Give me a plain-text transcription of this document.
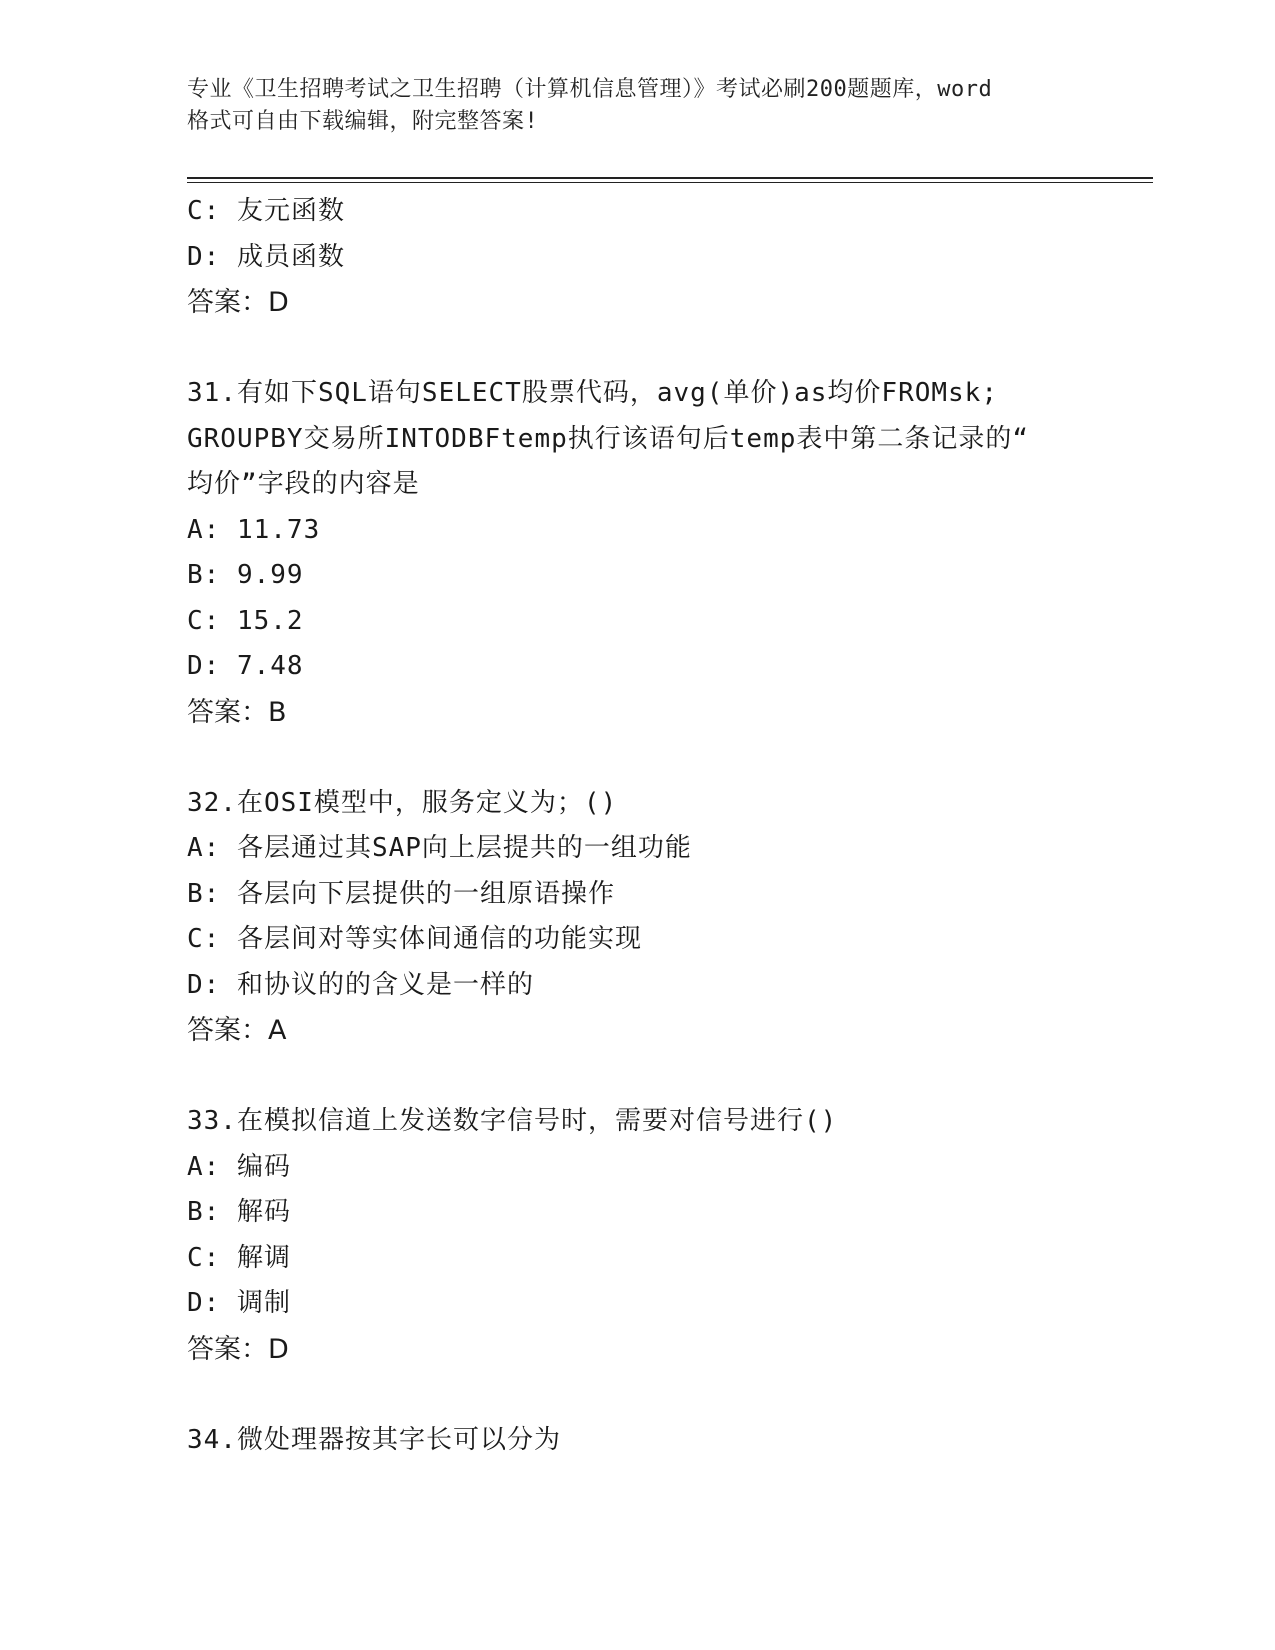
专业《卫生招聘考试之卫生招聘（计算机信息管理）》考试必刷200题题库，word
格式可自由下载编辑，附完整答案!
C: 友元函数
D: 成员函数
答案：D
31.有如下SQL语句SELECT股票代码，avg(单价)as均价FROMsk;
GROUPBY交易所INTODBFtemp执行该语句后temp表中第二条记录的“
均价”字段的内容是
A: 11.73
B: 9.99
C: 15.2
D: 7.48
答案：B
32.在OSI模型中，服务定义为；()
A: 各层通过其SAP向上层提共的一组功能
B: 各层向下层提供的一组原语操作
C: 各层间对等实体间通信的功能实现
D: 和协议的的含义是一样的
答案：A
33.在模拟信道上发送数字信号时，需要对信号进行()
A: 编码
B: 解码
C: 解调
D: 调制
答案：D
34.微处理器按其字长可以分为
